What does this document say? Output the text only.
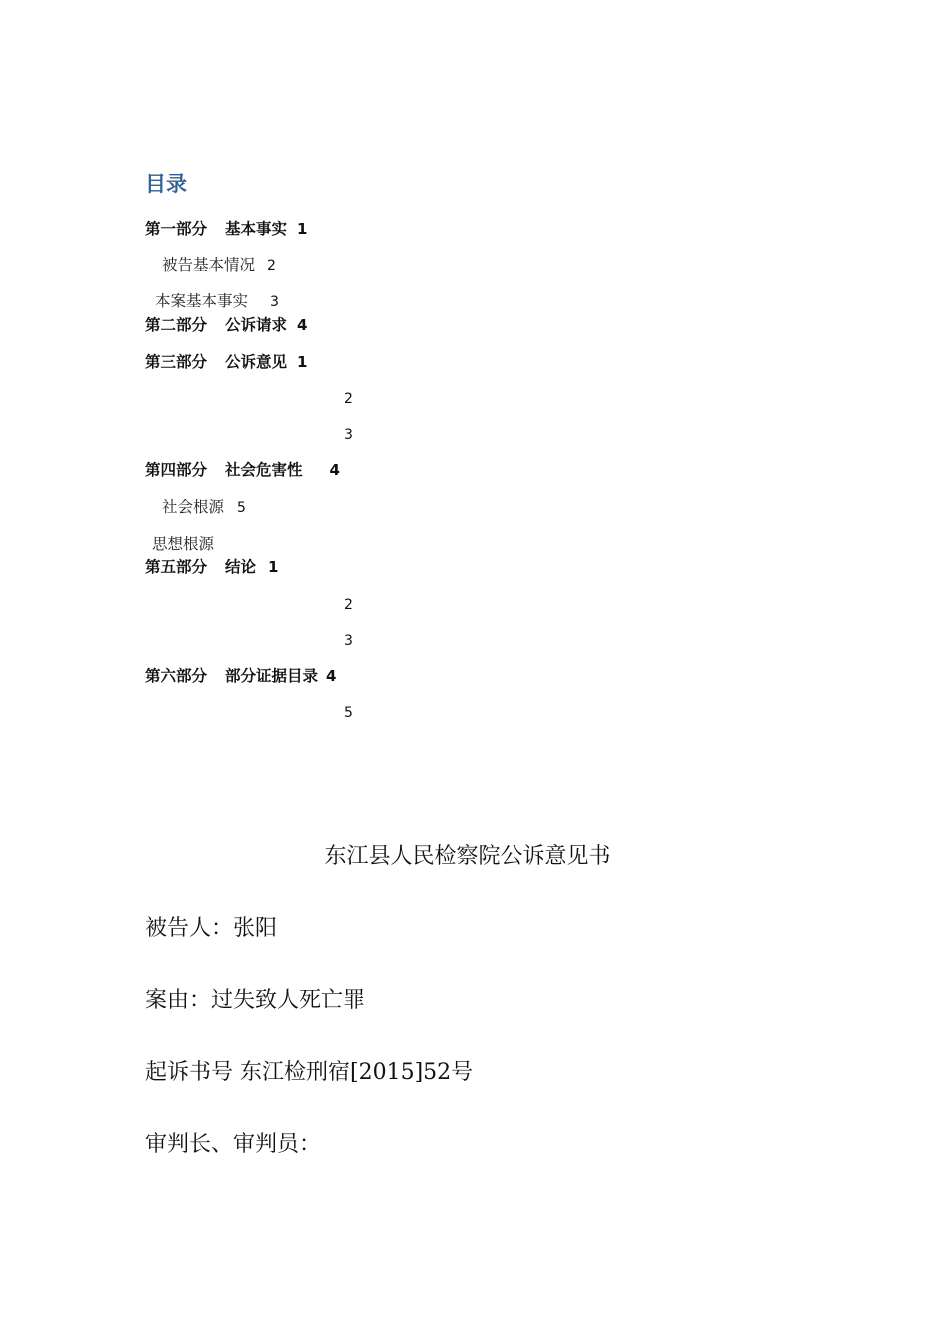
目录
第一部分 基本事实 1
被告基本情况 2
本案基本事实 3
第二部分 公诉请求 4
第三部分 公诉意见 1
2
3
第四部分 社会危害性 4
社会根源 5
思想根源
第五部分 结论 1
2
3
第六部分 部分证据目录 4
5
东江县人民检察院公诉意见书
被告人：张阳
案由：过失致人死亡罪
起诉书号 东江检刑宿[2015]52号
审判长、审判员：
